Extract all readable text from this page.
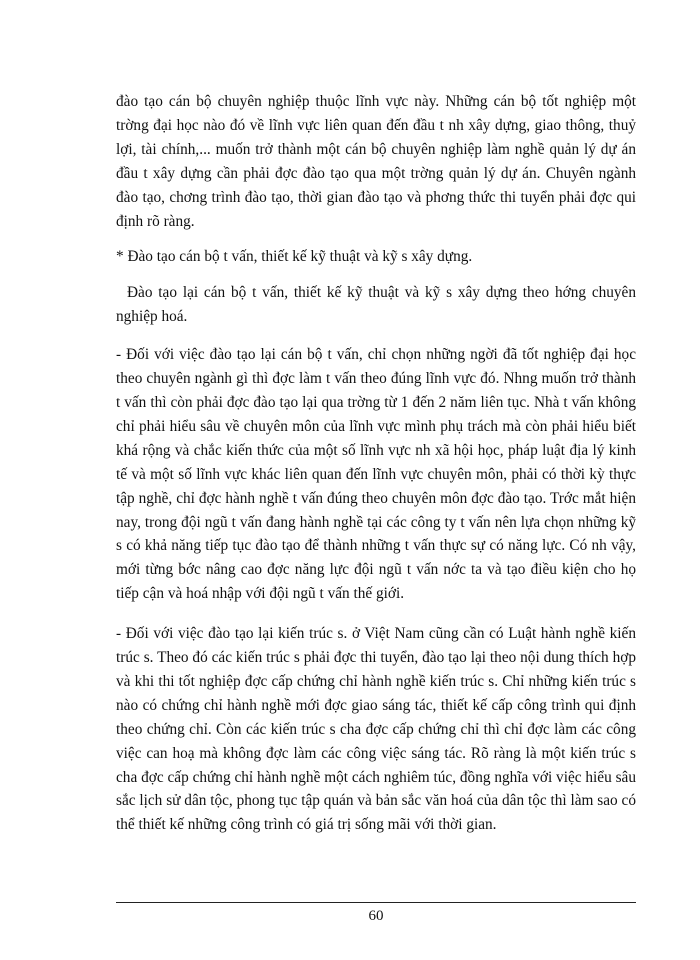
đào tạo cán bộ chuyên nghiệp thuộc lĩnh vực này. Những cán bộ tốt nghiệp một trờng đại học nào đó về lĩnh vực liên quan đến đầu t nh xây dựng, giao thông, thuỷ lợi, tài chính,... muốn trở thành một cán bộ chuyên nghiệp làm nghề quản lý dự án đầu t xây dựng cần phải đợc đào tạo qua một trờng quản lý dự án. Chuyên ngành đào tạo, chơng trình đào tạo, thời gian đào tạo và phơng thức thi tuyển phải đợc qui định rõ ràng.

* Đào tạo cán bộ t vấn, thiết kế kỹ thuật và kỹ s xây dựng.

Đào tạo lại cán bộ t vấn, thiết kế kỹ thuật và kỹ s xây dựng theo hớng chuyên nghiệp hoá.

- Đối với việc đào tạo lại cán bộ t vấn, chỉ chọn những ngời đã tốt nghiệp đại học theo chuyên ngành gì thì đợc làm t vấn theo đúng lĩnh vực đó. Nhng muốn trở thành t vấn thì còn phải đợc đào tạo lại qua trờng từ 1 đến 2 năm liên tục. Nhà t vấn không chỉ phải hiểu sâu về chuyên môn của lĩnh vực mình phụ trách mà còn phải hiểu biết khá rộng và chắc kiến thức của một số lĩnh vực nh xã hội học, pháp luật địa lý kinh tế và một số lĩnh vực khác liên quan đến lĩnh vực chuyên môn, phải có thời kỳ thực tập nghề, chỉ đợc hành nghề t vấn đúng theo chuyên môn đợc đào tạo. Trớc mắt hiện nay, trong đội ngũ t vấn đang hành nghề tại các công ty t vấn nên lựa chọn những kỹ s có khả năng tiếp tục đào tạo để thành những t vấn thực sự có năng lực. Có nh vậy, mới từng bớc nâng cao đợc năng lực đội ngũ t vấn nớc ta và tạo điều kiện cho họ tiếp cận và hoá nhập với đội ngũ t vấn thế giới.

- Đối với việc đào tạo lại kiến trúc s. ở Việt Nam cũng cần có Luật hành nghề kiến trúc s. Theo đó các kiến trúc s phải đợc thi tuyển, đào tạo lại theo nội dung thích hợp và khi thi tốt nghiệp đợc cấp chứng chỉ hành nghề kiến trúc s. Chỉ những kiến trúc s nào có chứng chỉ hành nghề mới đợc giao sáng tác, thiết kế cấp công trình qui định theo chứng chỉ. Còn các kiến trúc s cha đợc cấp chứng chỉ thì chỉ đợc làm các công việc can hoạ mà không đợc làm các công việc sáng tác. Rõ ràng là một kiến trúc s cha đợc cấp chứng chỉ hành nghề một cách nghiêm túc, đồng nghĩa với việc hiểu sâu sắc lịch sử dân tộc, phong tục tập quán và bản sắc văn hoá của dân tộc thì làm sao có thể thiết kế những công trình có giá trị sống mãi với thời gian.

60
